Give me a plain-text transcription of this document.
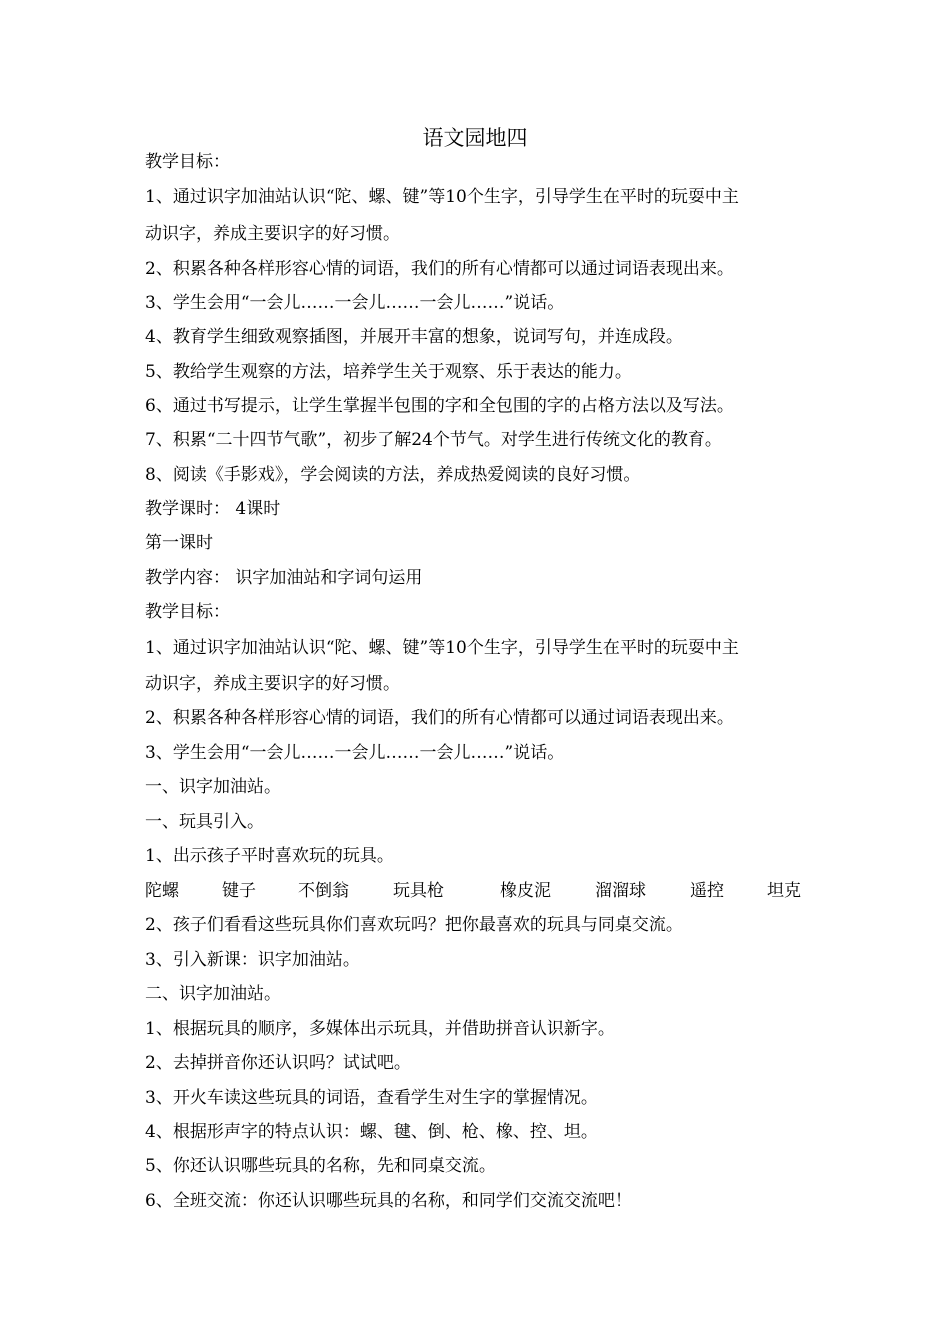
语文园地四
教学目标：
1、通过识字加油站认识“陀、螺、键”等10个生字，引导学生在平时的玩耍中主
动识字，养成主要识字的好习惯。
2、积累各种各样形容心情的词语，我们的所有心情都可以通过词语表现出来。
3、学生会用“一会儿……一会儿……一会儿……”说话。
4、教育学生细致观察插图，并展开丰富的想象，说词写句，并连成段。
5、教给学生观察的方法，培养学生关于观察、乐于表达的能力。
6、通过书写提示，让学生掌握半包围的字和全包围的字的占格方法以及写法。
7、积累“二十四节气歌”，初步了解24个节气。对学生进行传统文化的教育。
8、阅读《手影戏》，学会阅读的方法，养成热爱阅读的良好习惯。
教学课时： 4课时
第一课时
教学内容： 识字加油站和字词句运用
教学目标：
1、通过识字加油站认识“陀、螺、键”等10个生字，引导学生在平时的玩耍中主
动识字，养成主要识字的好习惯。
2、积累各种各样形容心情的词语，我们的所有心情都可以通过词语表现出来。
3、学生会用“一会儿……一会儿……一会儿……”说话。
一、识字加油站。
一、玩具引入。
1、出示孩子平时喜欢玩的玩具。
陀螺	键子 不倒翁	玩具枪	橡皮泥	溜溜球	遥控	坦克
2、孩子们看看这些玩具你们喜欢玩吗？把你最喜欢的玩具与同桌交流。
3、引入新课：识字加油站。
二、识字加油站。
1、根据玩具的顺序，多媒体出示玩具，并借助拼音认识新字。
2、去掉拼音你还认识吗？试试吧。
3、开火车读这些玩具的词语，查看学生对生字的掌握情况。
4、根据形声字的特点认识：螺、毽、倒、枪、橡、控、坦。
5、你还认识哪些玩具的名称，先和同桌交流。
6、全班交流：你还认识哪些玩具的名称，和同学们交流交流吧！
